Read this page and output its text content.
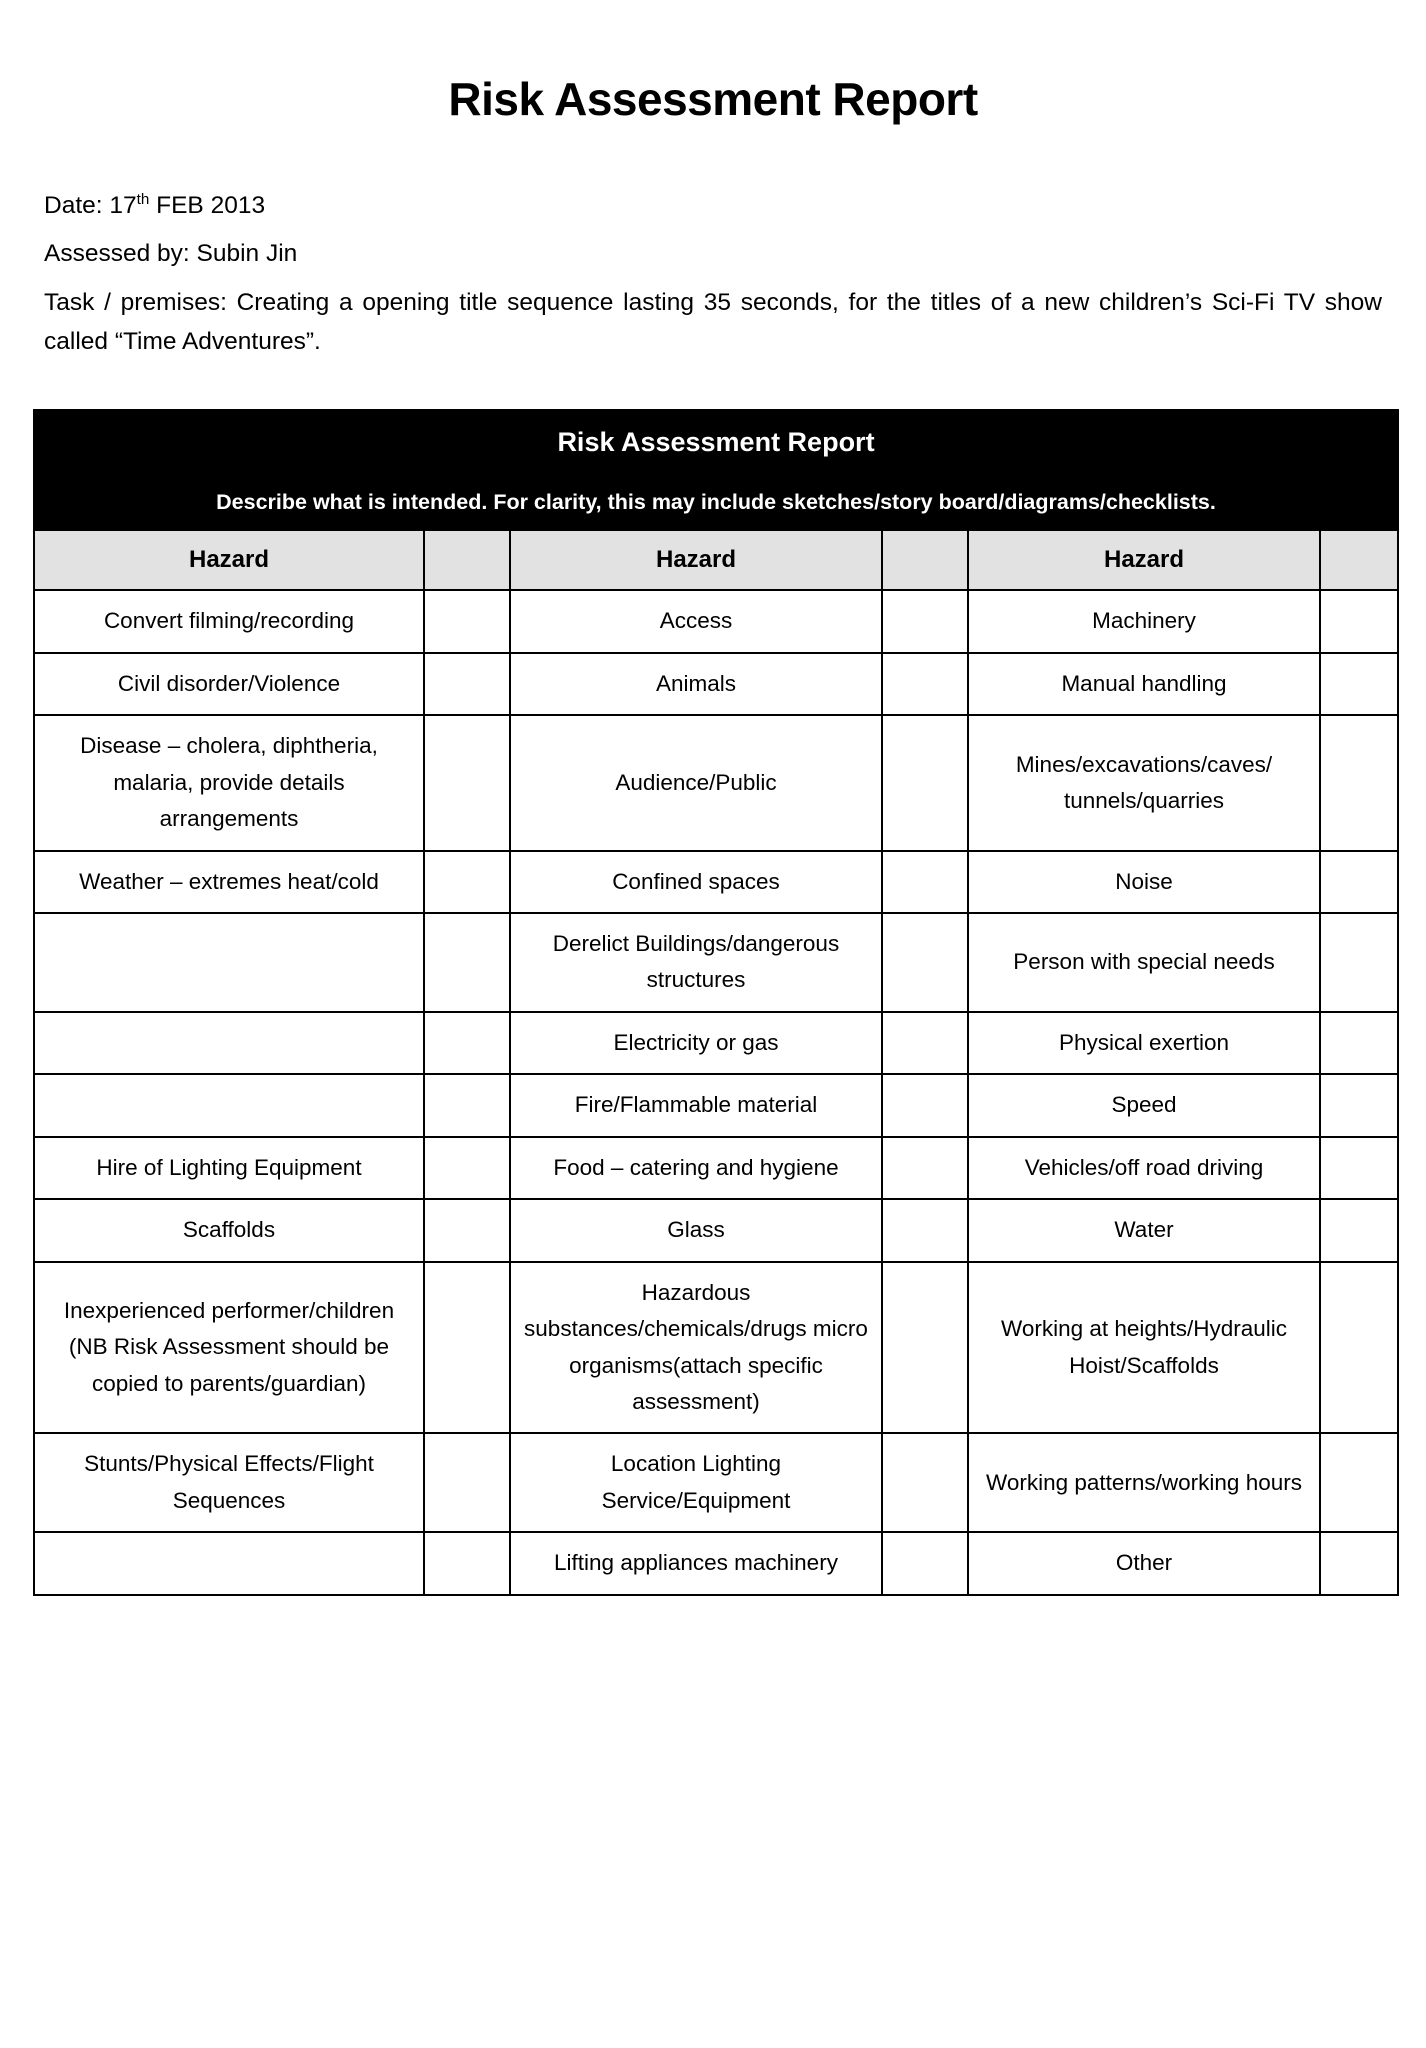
Risk Assessment Report

Date: 17th FEB 2013

Assessed by: Subin Jin

Task / premises: Creating a opening title sequence lasting 35 seconds, for the titles of a new children’s Sci-Fi TV show called “Time Adventures”.

Risk Assessment Report					
Describe what is intended. For clarity, this may include sketches/story board/diagrams/checklists.					
Hazard		Hazard		Hazard	
Convert filming/recording		Access		Machinery	
Civil disorder/Violence		Animals		Manual handling	
Disease – cholera, diphtheria, malaria, provide details arrangements		Audience/Public		Mines/excavations/caves/ tunnels/quarries	
Weather – extremes heat/cold		Confined spaces		Noise	
		Derelict Buildings/dangerous structures		Person with special needs	
		Electricity or gas		Physical exertion	
		Fire/Flammable material		Speed	
Hire of Lighting Equipment		Food – catering and hygiene		Vehicles/off road driving	
Scaffolds		Glass		Water	
Inexperienced performer/children (NB Risk Assessment should be copied to parents/guardian)		Hazardous substances/chemicals/drugs micro organisms(attach specific assessment)		Working at heights/Hydraulic Hoist/Scaffolds	
Stunts/Physical Effects/Flight Sequences		Location Lighting Service/Equipment		Working patterns/working hours	
		Lifting appliances machinery		Other	
